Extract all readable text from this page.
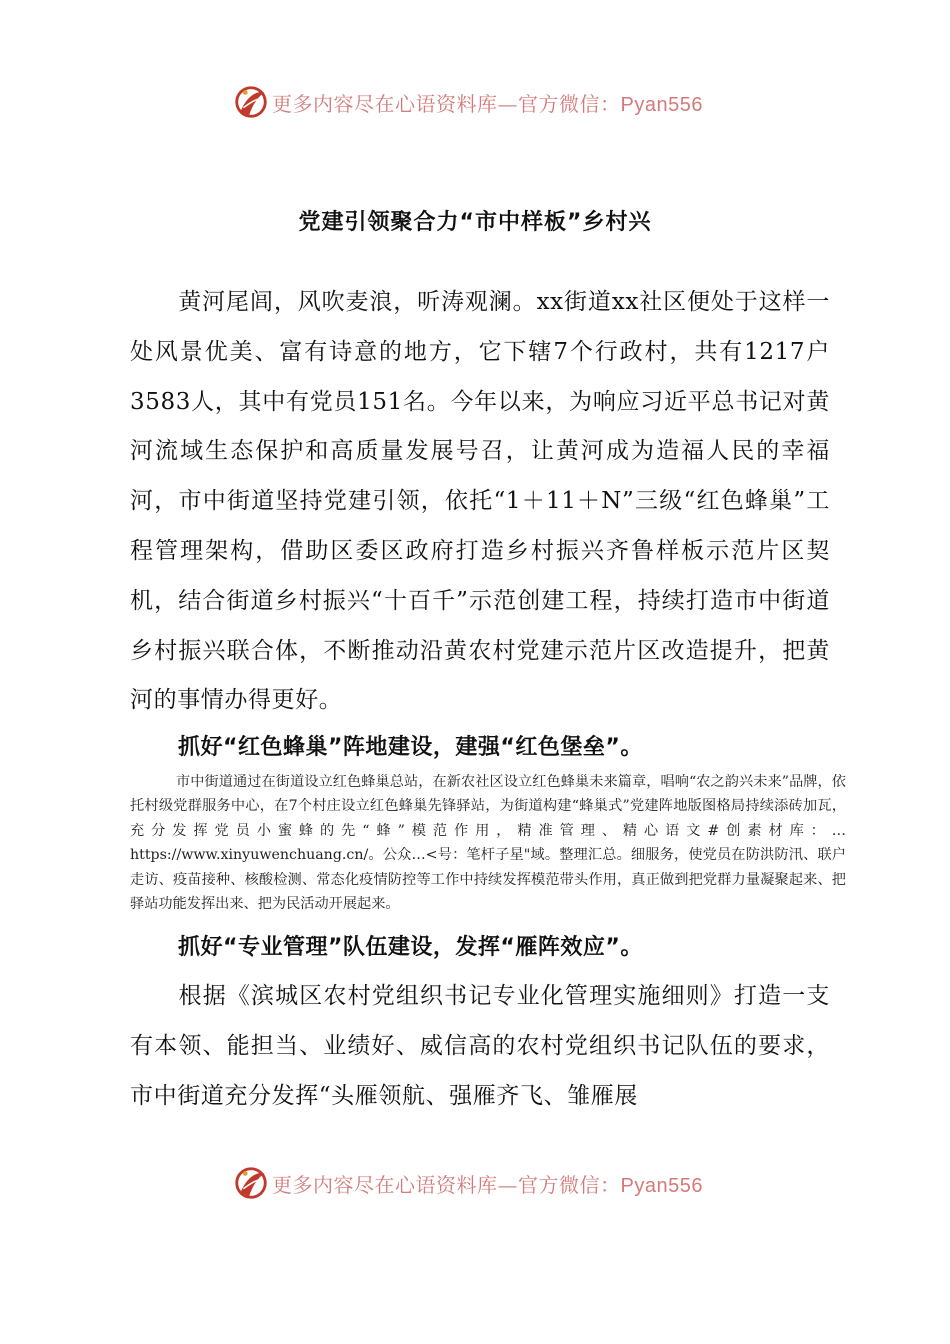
更多内容尽在心语资料库—官方微信：Pyan556
党建引领聚合力“市中样板”乡村兴

黄河尾闾，风吹麦浪，听涛观澜。xx街道xx社区便处于这样一处风景优美、富有诗意的地方，它下辖7个行政村，共有1217户3583人，其中有党员151名。今年以来，为响应习近平总书记对黄河流域生态保护和高质量发展号召，让黄河成为造福人民的幸福河，市中街道坚持党建引领，依托“1＋11＋N”三级“红色蜂巢”工程管理架构，借助区委区政府打造乡村振兴齐鲁样板示范片区契机，结合街道乡村振兴“十百千”示范创建工程，持续打造市中街道乡村振兴联合体，不断推动沿黄农村党建示范片区改造提升，把黄河的事情办得更好。

抓好“红色蜂巢”阵地建设，建强“红色堡垒”。

市中街道通过在街道设立红色蜂巢总站，在新农社区设立红色蜂巢未来篇章，唱响“农之韵兴未来”品牌，依托村级党群服务中心，在7个村庄设立红色蜂巢先锋驿站，为街道构建“蜂巢式”党建阵地版图格局持续添砖加瓦，充分发挥党员小蜜蜂的先“蜂”模范作用，精准管理、精心语文#创素材库：…https://www.xinyuwenchuang.cn/。公众…<号：笔杆子星"域。整理汇总。细服务，使党员在防洪防汛、联户走访、疫苗接种、核酸检测、常态化疫情防控等工作中持续发挥模范带头作用，真正做到把党群力量凝聚起来、把驿站功能发挥出来、把为民活动开展起来。

抓好“专业管理”队伍建设，发挥“雁阵效应”。

根据《滨城区农村党组织书记专业化管理实施细则》打造一支有本领、能担当、业绩好、威信高的农村党组织书记队伍的要求，市中街道充分发挥“头雁领航、强雁齐飞、雏雁展

更多内容尽在心语资料库—官方微信：Pyan556
